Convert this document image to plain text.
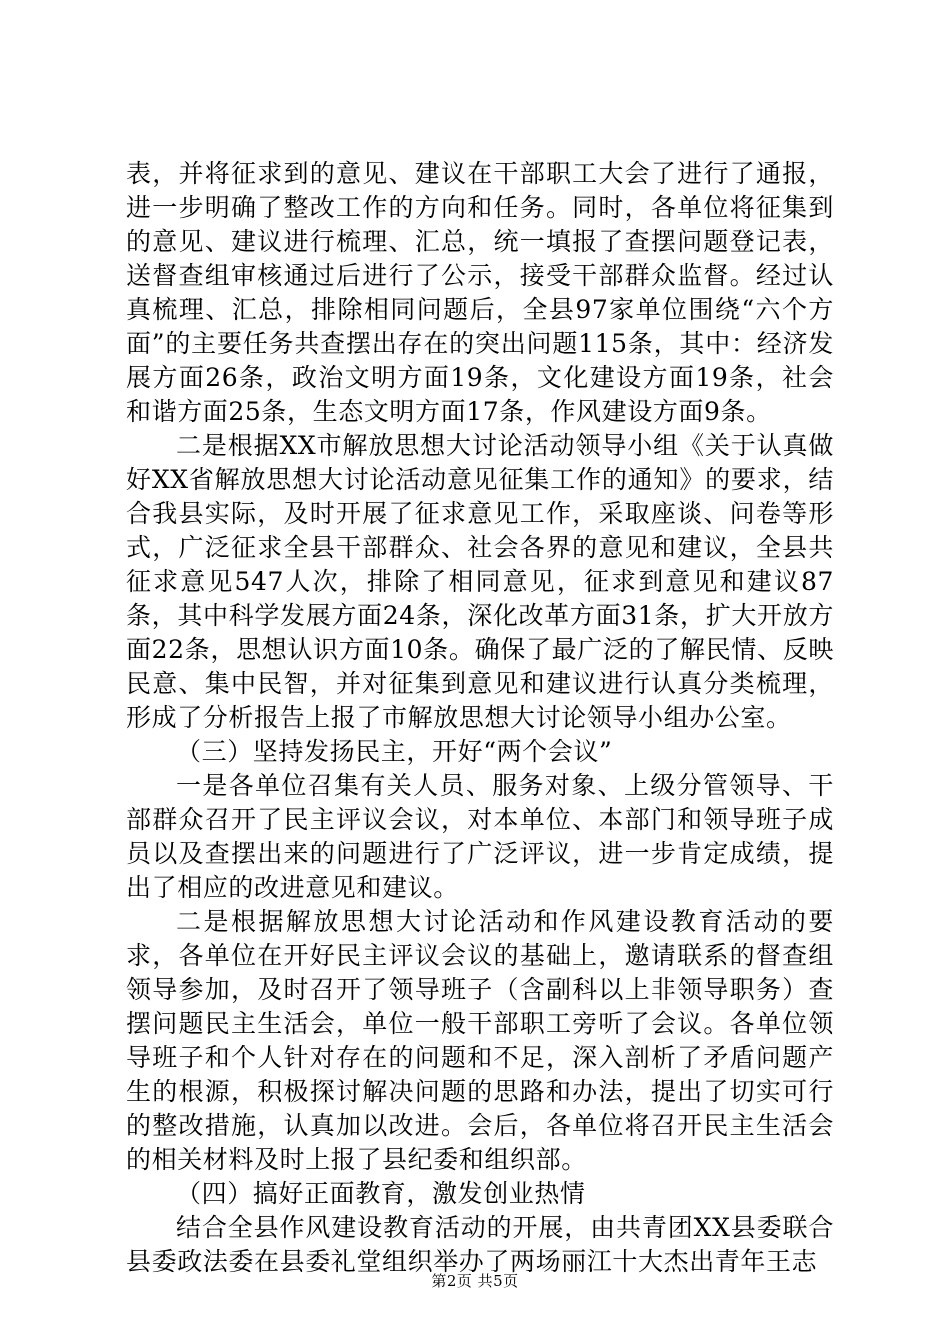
表，并将征求到的意见、建议在干部职工大会了进行了通报，进一步明确了整改工作的方向和任务。同时，各单位将征集到的意见、建议进行梳理、汇总，统一填报了查摆问题登记表，送督查组审核通过后进行了公示，接受干部群众监督。经过认真梳理、汇总，排除相同问题后，全县97家单位围绕“六个方面”的主要任务共查摆出存在的突出问题115条，其中：经济发展方面26条，政治文明方面19条，文化建设方面19条，社会和谐方面25条，生态文明方面17条，作风建设方面9条。

二是根据XX市解放思想大讨论活动领导小组《关于认真做好XX省解放思想大讨论活动意见征集工作的通知》的要求，结合我县实际，及时开展了征求意见工作，采取座谈、问卷等形式，广泛征求全县干部群众、社会各界的意见和建议，全县共征求意见547人次，排除了相同意见，征求到意见和建议87条，其中科学发展方面24条，深化改革方面31条，扩大开放方面22条，思想认识方面10条。确保了最广泛的了解民情、反映民意、集中民智，并对征集到意见和建议进行认真分类梳理，形成了分析报告上报了市解放思想大讨论领导小组办公室。

（三）坚持发扬民主，开好“两个会议”

一是各单位召集有关人员、服务对象、上级分管领导、干部群众召开了民主评议会议，对本单位、本部门和领导班子成员以及查摆出来的问题进行了广泛评议，进一步肯定成绩，提出了相应的改进意见和建议。

二是根据解放思想大讨论活动和作风建设教育活动的要求，各单位在开好民主评议会议的基础上，邀请联系的督查组领导参加，及时召开了领导班子（含副科以上非领导职务）查摆问题民主生活会，单位一般干部职工旁听了会议。各单位领导班子和个人针对存在的问题和不足，深入剖析了矛盾问题产生的根源，积极探讨解决问题的思路和办法，提出了切实可行的整改措施，认真加以改进。会后，各单位将召开民主生活会的相关材料及时上报了县纪委和组织部。

（四）搞好正面教育，激发创业热情

结合全县作风建设教育活动的开展，由共青团XX县委联合县委政法委在县委礼堂组织举办了两场丽江十大杰出青年王志

第2页 共5页
